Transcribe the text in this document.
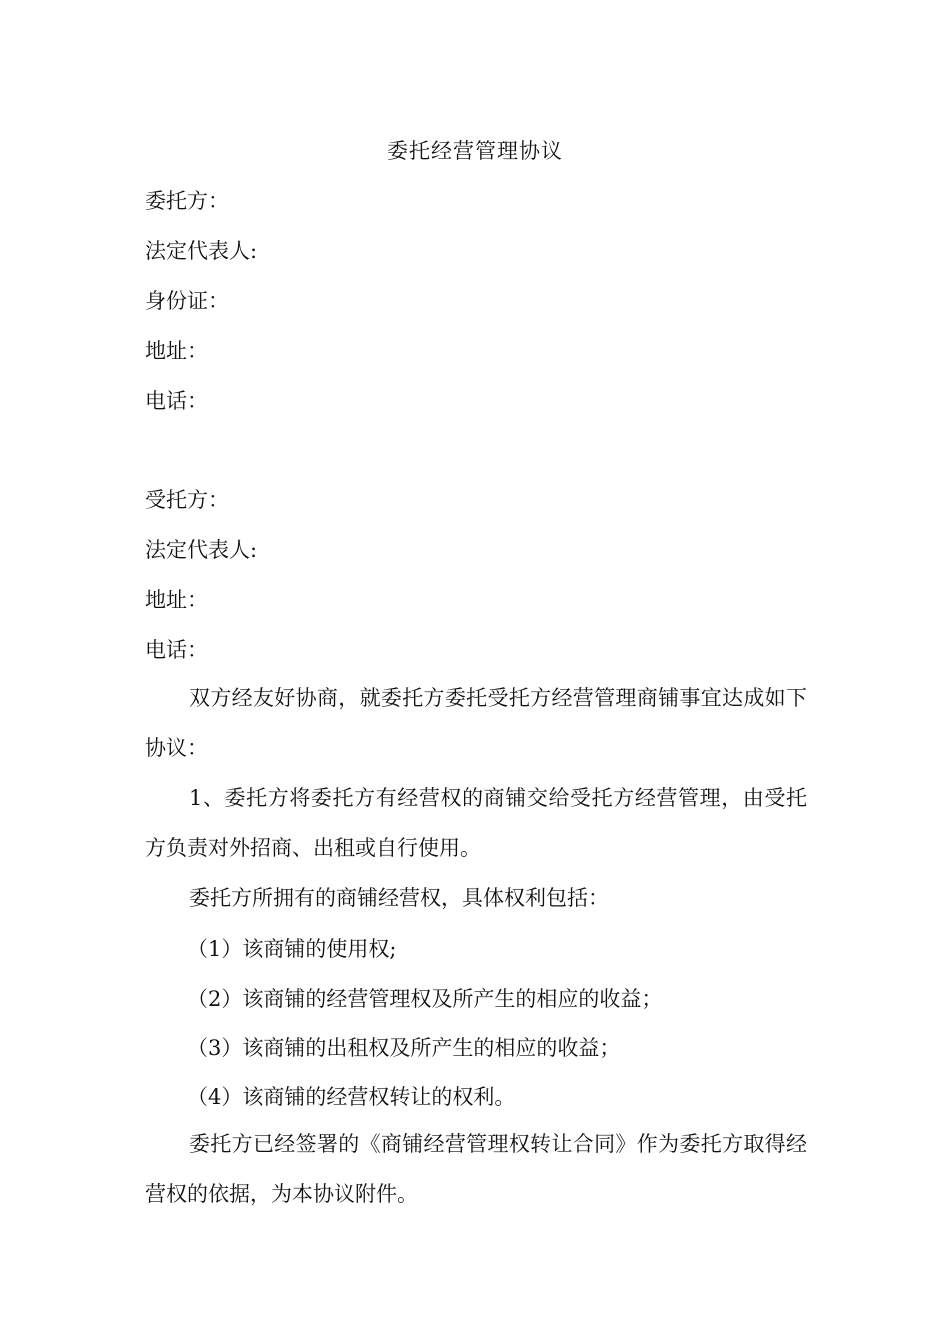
委托经营管理协议
委托方：
法定代表人:
身份证：
地址：
电话：
受托方：
法定代表人:
地址：
电话：
双方经友好协商，就委托方委托受托方经营管理商铺事宜达成如下协议：
1、委托方将委托方有经营权的商铺交给受托方经营管理，由受托方负责对外招商、出租或自行使用。
委托方所拥有的商铺经营权，具体权利包括：
（1）该商铺的使用权;
（2）该商铺的经营管理权及所产生的相应的收益；
（3）该商铺的出租权及所产生的相应的收益；
（4）该商铺的经营权转让的权利。
委托方已经签署的《商铺经营管理权转让合同》作为委托方取得经营权的依据，为本协议附件。
